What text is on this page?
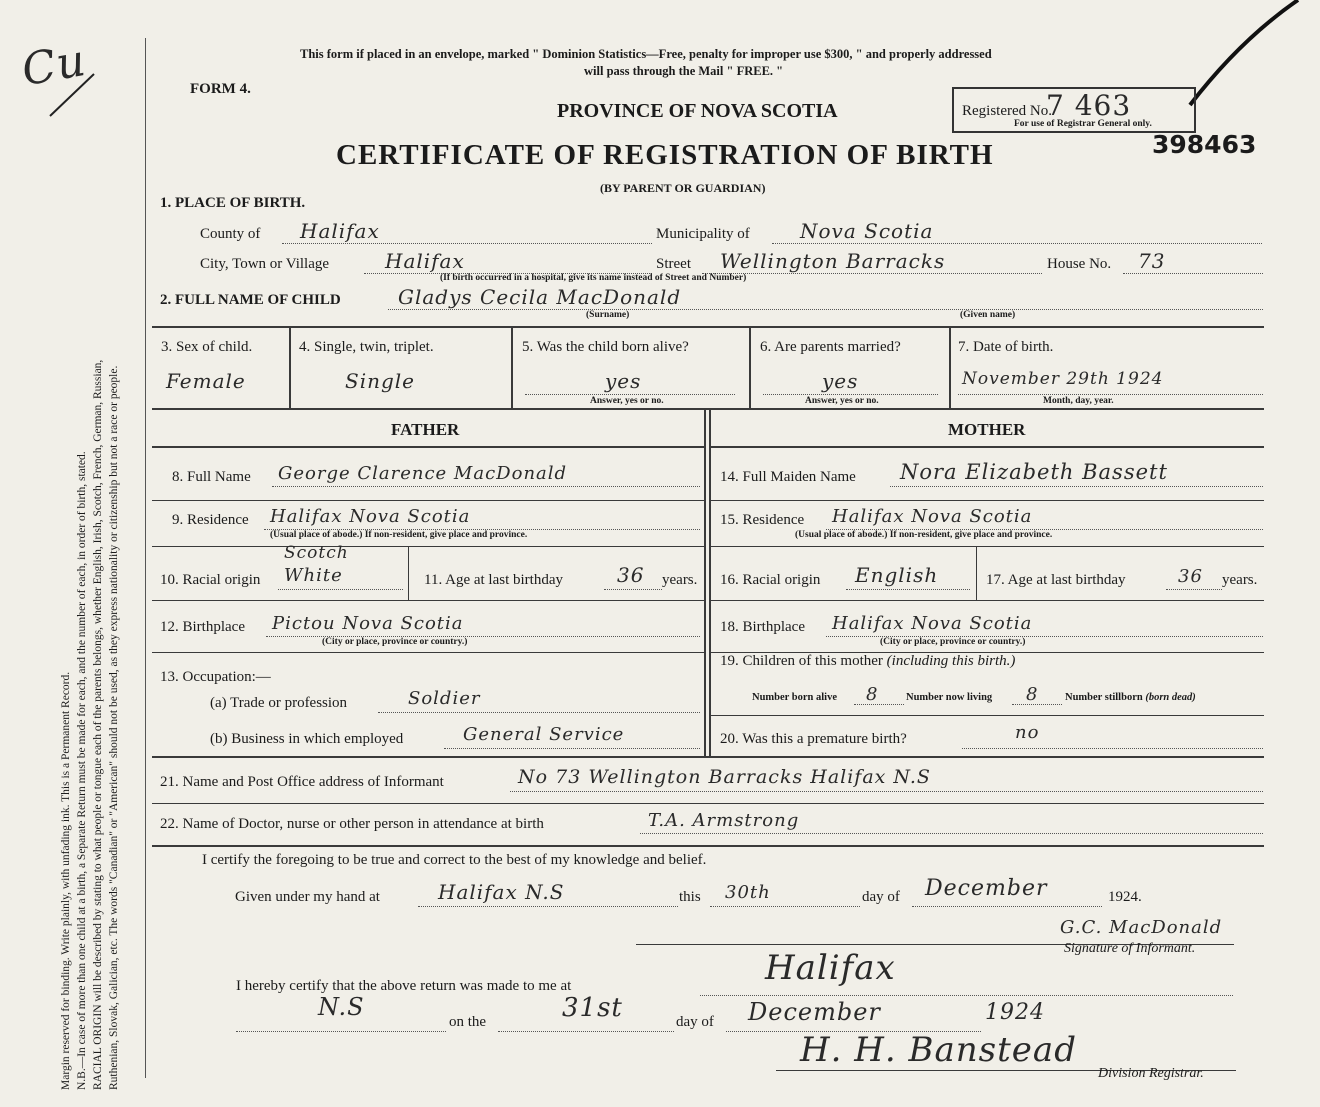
Cu
Margin reserved for binding. Write plainly, with unfading ink. This is a Permanent Record. N.B.—In case of more than one child at a birth, a Separate Return must be made for each, and the number of each, in order of birth, stated. RACIAL ORIGIN will be described by stating to what people or tongue each of the parents belongs, whether English, Irish, Scotch, French, German, Russian, Ruthenian, Slovak, Galician, etc. The words "Canadian" or "American" should not be used, as they express nationality or citizenship but not a race or people.
This form if placed in an envelope, marked " Dominion Statistics—Free, penalty for improper use $300, " and properly addressed
will pass through the Mail " FREE. "
FORM 4.
PROVINCE OF NOVA SCOTIA
CERTIFICATE OF REGISTRATION OF BIRTH
(BY PARENT OR GUARDIAN)
Registered No.
7 463
For use of Registrar General only.
398463
1. PLACE OF BIRTH.
County of Halifax	Municipality of	Nova Scotia
City, Town or Village	Halifax	Street Wellington Barracks	House No. 73
(If birth occurred in a hospital, give its name instead of Street and Number)
2. FULL NAME OF CHILD	Gladys Cecila MacDonald
(Surname)	(Given name)
3. Sex of child.
Female
4. Single, twin, triplet.
Single
5. Was the child born alive?
yes
Answer, yes or no.
6. Are parents married?
yes
Answer, yes or no.
7. Date of birth.
November 29th 1924
Month, day, year.
FATHER	MOTHER
8. Full Name George Clarence MacDonald
9. Residence Halifax Nova Scotia
(Usual place of abode.) If non-resident, give place and province.
Scotch
10. Racial origin White	11. Age at last birthday	36 years.
12. Birthplace Pictou Nova Scotia
(City or place, province or country.)
13. Occupation:—
(a) Trade or profession	Soldier
(b) Business in which employed	General Service
14. Full Maiden Name Nora Elizabeth Bassett
15. Residence Halifax Nova Scotia
(Usual place of abode.) If non-resident, give place and province.
16. Racial origin English	17. Age at last birthday	36 years.
18. Birthplace Halifax Nova Scotia
(City or place, province or country.)
19. Children of this mother (including this birth.)
Number born alive 8	Number now living 8	Number stillborn (born dead)
20. Was this a premature birth?	no
21. Name and Post Office address of Informant	No 73 Wellington Barracks Halifax N.S
22. Name of Doctor, nurse or other person in attendance at birth	T.A. Armstrong
I certify the foregoing to be true and correct to the best of my knowledge and belief.
Given under my hand at	Halifax N.S	this 30th	day of December	1924.
G.C. MacDonald
Signature of Informant.
I hereby certify that the above return was made to me at	Halifax
N.S
on the	31st	day of December	1924
H. H. Banstead
Division Registrar.
